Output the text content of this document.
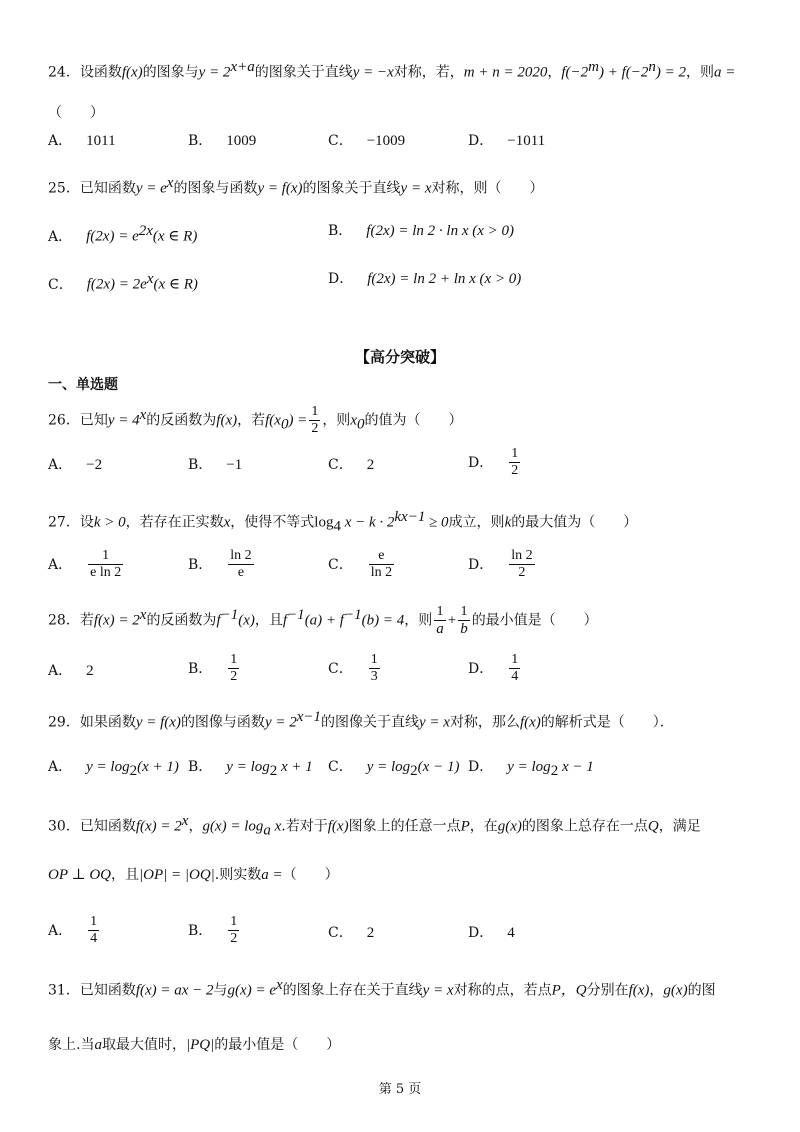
24．设函数f(x)的图象与$y = 2^{x+a}$的图象关于直线y = −x对称，若，m + n = 2020，$f(-2^m) + f(-2^n) = 2$，则a =
（　　）
A． 1011	B． 1009	C． −1009	D． −1011
25．已知函数$y = e^x$的图象与函数y = f(x)的图象关于直线y = x对称，则（　　）
A． $f(2x) = e^{2x}(x$ ∈ R)	B． f(2x) = ln 2 · ln x (x > 0)
C． $f(2x) = 2e^x(x$ ∈ R)	D． f(2x) = ln 2 + ln x (x > 0)
【高分突破】
一、单选题
26．已知$y = 4^x$的反函数为f(x)，若$f(x_0) = \frac{1}{2}$ ，则$x_0$的值为（　　）
A． −2	B． −1	C． 2	D． $\frac{1}{2}$
27．设k > 0，若存在正实数x，使得不等式$\log_4 x - k \cdot 2^{kx-1} \ge 0$成立，则k的最大值为（　　）
A． $\frac{1}{\text{e ln 2}}$	B． $\frac{\ln 2}{e}$	C． $\frac{e}{\ln 2}$	D． $\frac{\ln 2}{2}$
28．若$f(x) = 2^x$的反函数为$f^{-1}(x)$，且$f^{-1}(a) + f^{-1}(b) = 4$，则 $\frac{1}{a} + \frac{1}{b}$ 的最小值是（　　）
A． 2	B． $\frac{1}{2}$	C． $\frac{1}{3}$	D． $\frac{1}{4}$
29．如果函数y = f(x)的图像与函数$y = 2^{x-1}$的图像关于直线y = x对称，那么f(x)的解析式是（　　）．
A． $y = \log_2(x + 1)$ B． $y = \log_2 x + 1$ C． $y = \log_2(x - 1)$ D． $y = \log_2 x - 1$
30．已知函数$f(x) = 2^x$，$g(x) = \log_a x$.若对于f(x)图象上的任意一点P，在g(x)的图象上总存在一点Q，满足
OP ⊥ OQ，且|OP| = |OQ|.则实数a =（　　）
A． $\frac{1}{4}$	B． $\frac{1}{2}$	C． 2	D． 4
31．已知函数f(x) = ax − 2与$g(x) = e^x$的图象上存在关于直线y = x对称的点，若点P，Q分别在f(x)，g(x)的图
象上.当a取最大值时，|PQ|的最小值是（　　）
第 5 页
